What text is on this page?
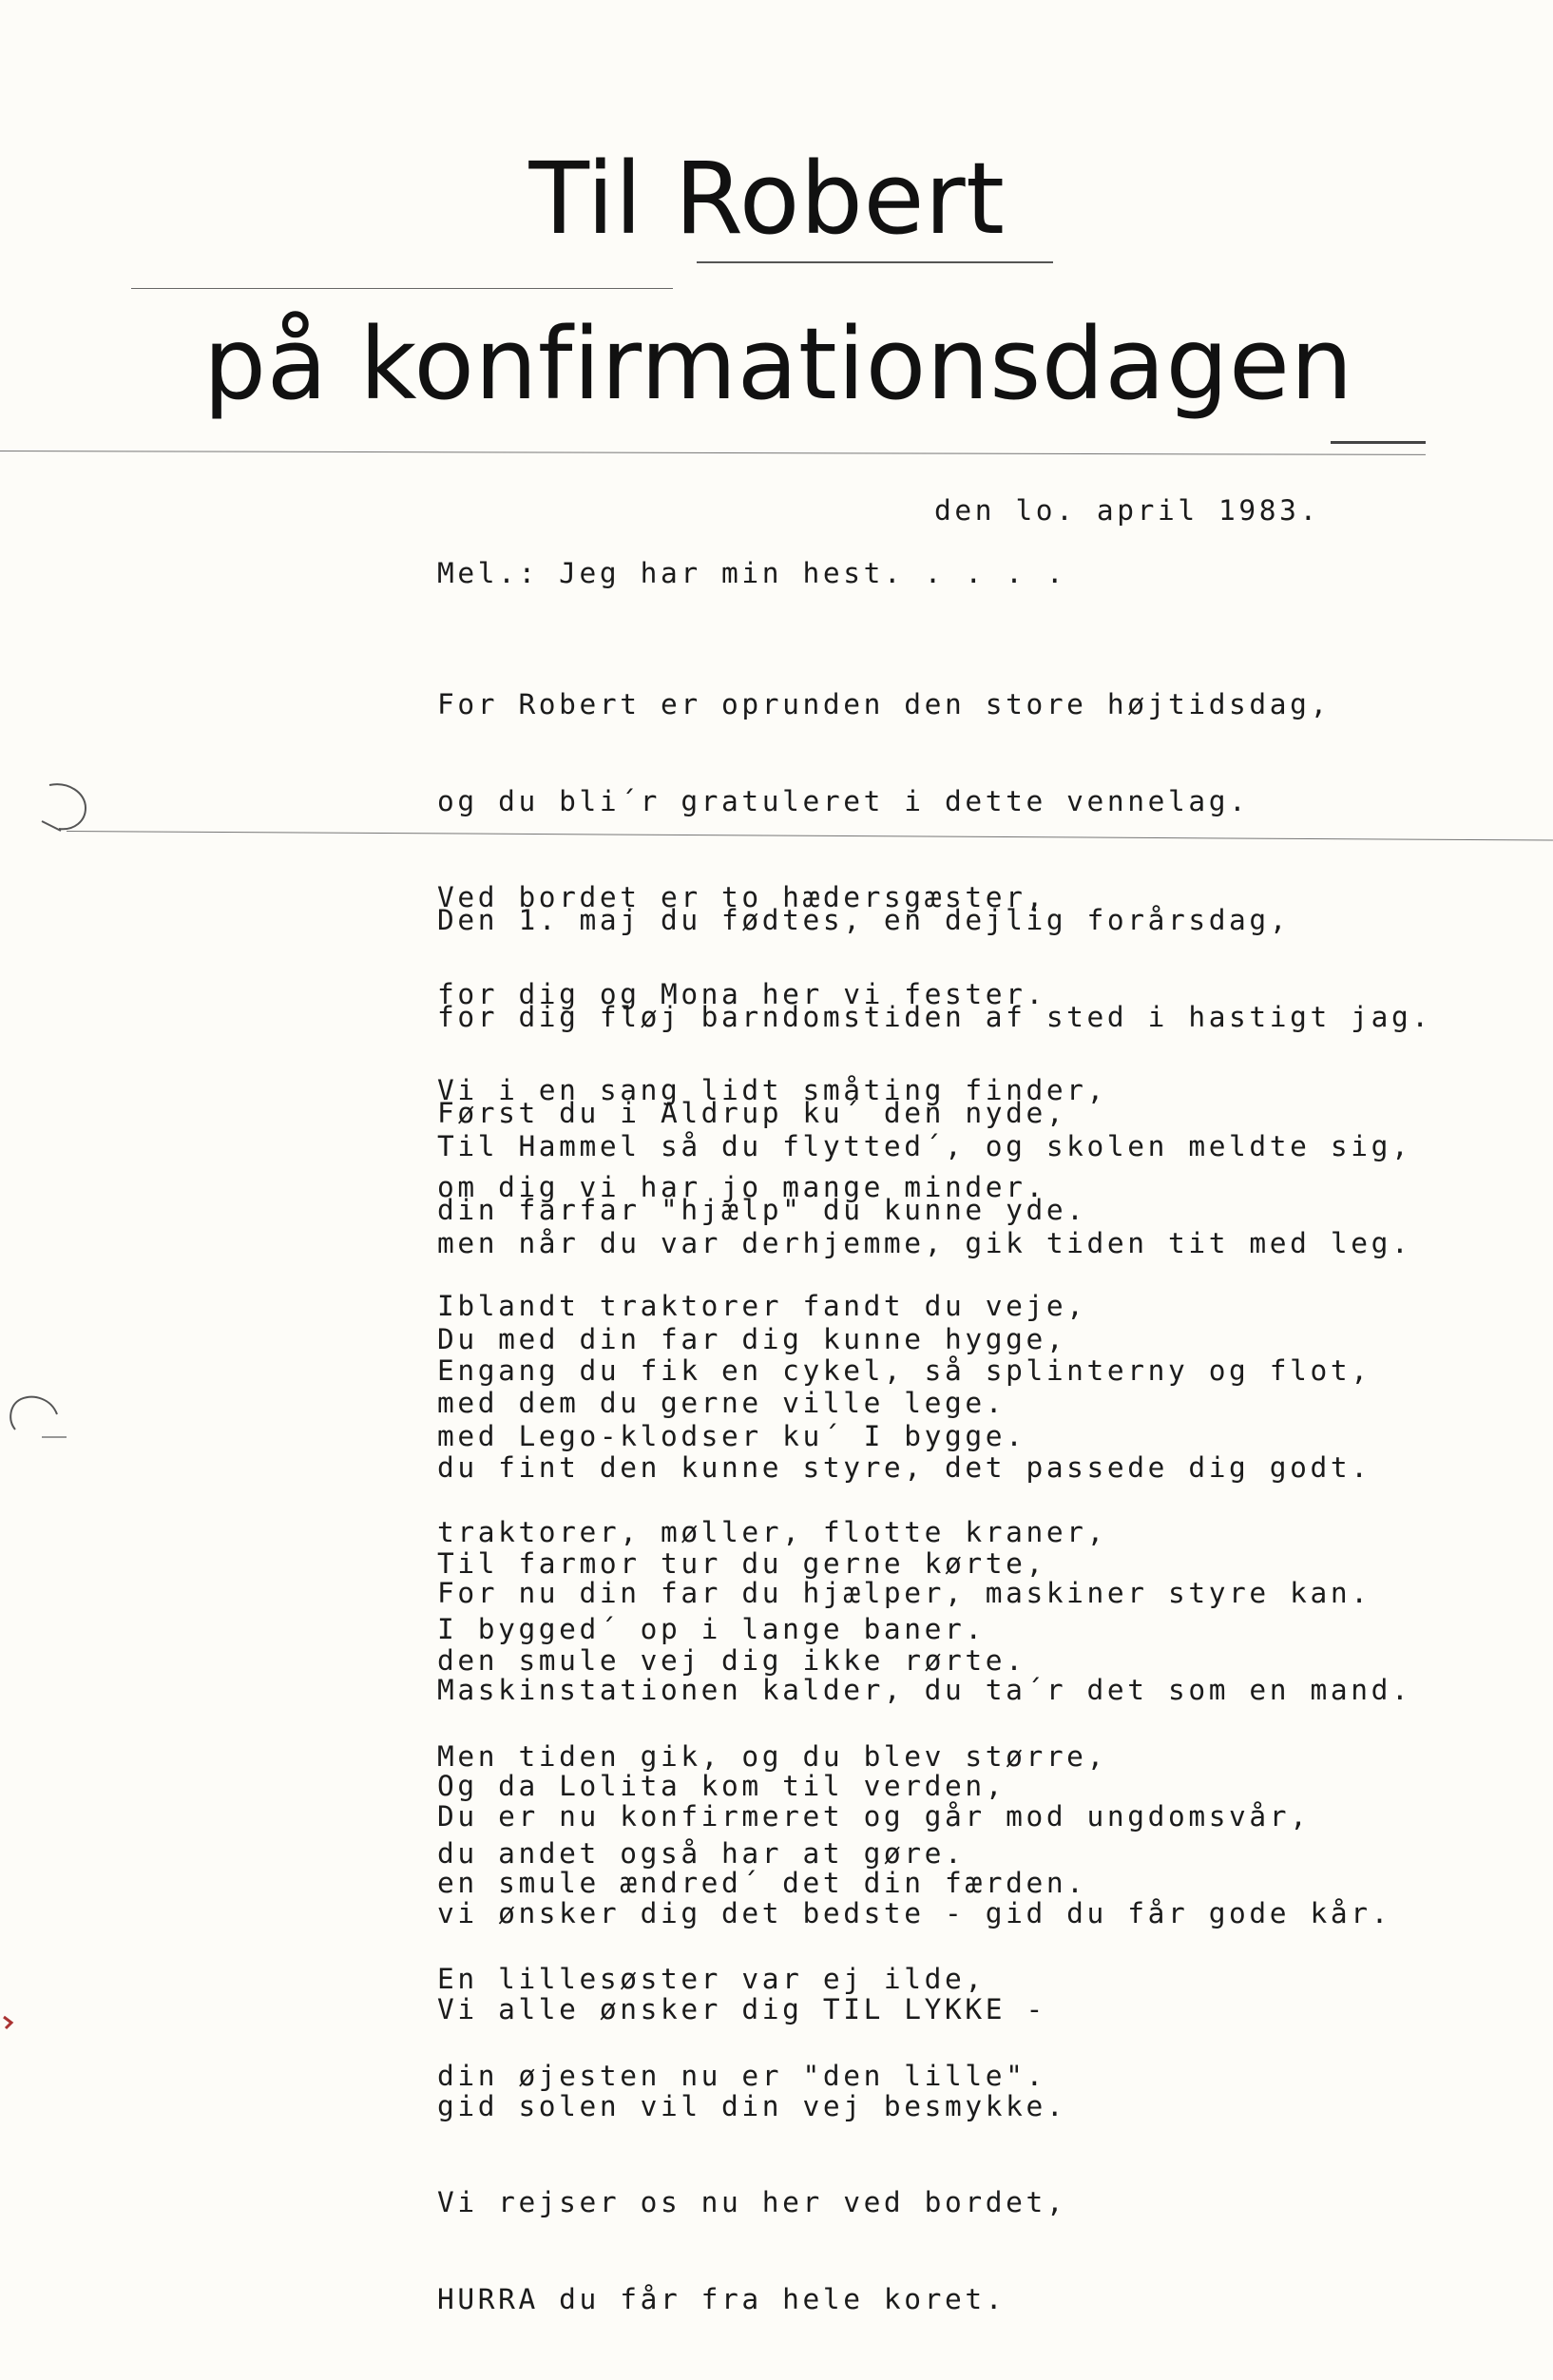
Til Robert
på konfirmationsdagen
den lo. april 1983.
Mel.: Jeg har min hest. . . . .

For Robert er oprunden den store højtidsdag,

og du bli´r gratuleret i dette vennelag.

Ved bordet er to hædersgæster,

for dig og Mona her vi fester.

Vi i en sang lidt småting finder,

om dig vi har jo mange minder.

Den 1. maj du fødtes, en dejlig forårsdag,

for dig fløj barndomstiden af sted i hastigt jag.

Først du i Aldrup ku´ den nyde,

din farfar "hjælp" du kunne yde.

Iblandt traktorer fandt du veje,

med dem du gerne ville lege.

Til Hammel så du flytted´, og skolen meldte sig,

men når du var derhjemme, gik tiden tit med leg.

Du med din far dig kunne hygge,

med Lego-klodser ku´ I bygge.

traktorer, møller, flotte kraner,

I bygged´ op i lange baner.

Engang du fik en cykel, så splinterny og flot,

du fint den kunne styre, det passede dig godt.

Til farmor tur du gerne kørte,

den smule vej dig ikke rørte.

Men tiden gik, og du blev større,

du andet også har at gøre.

For nu din far du hjælper, maskiner styre kan.

Maskinstationen kalder, du ta´r det som en mand.

Og da Lolita kom til verden,

en smule ændred´ det din færden.

En lillesøster var ej ilde,

din øjesten nu er "den lille".

Du er nu konfirmeret og går mod ungdomsvår,

vi ønsker dig det bedste - gid du får gode kår.

Vi alle ønsker dig TIL LYKKE -

gid solen vil din vej besmykke.

Vi rejser os nu her ved bordet,

HURRA du får fra hele koret.
